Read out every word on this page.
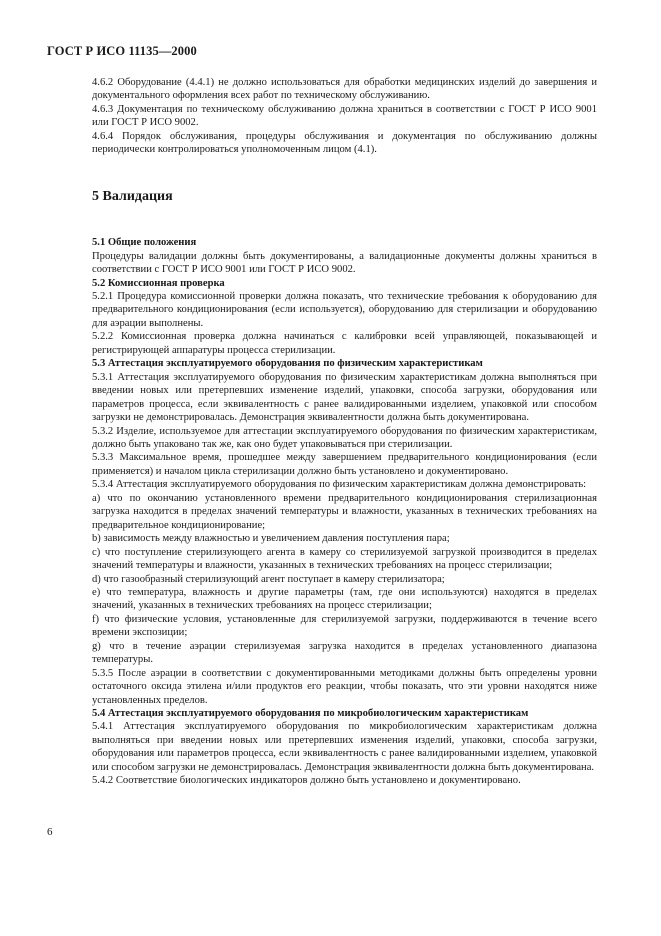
ГОСТ Р ИСО 11135—2000

4.6.2 Оборудование (4.4.1) не должно использоваться для обработки медицинских изделий до завершения и документального оформления всех работ по техническому обслуживанию.

4.6.3 Документация по техническому обслуживанию должна храниться в соответствии с ГОСТ Р ИСО 9001 или ГОСТ Р ИСО 9002.

4.6.4 Порядок обслуживания, процедуры обслуживания и документация по обслуживанию должны периодически контролироваться уполномоченным лицом (4.1).

5 Валидация

5.1 Общие положения

Процедуры валидации должны быть документированы, а валидационные документы должны храниться в соответствии с ГОСТ Р ИСО 9001 или ГОСТ Р ИСО 9002.

5.2 Комиссионная проверка

5.2.1 Процедура комиссионной проверки должна показать, что технические требования к оборудованию для предварительного кондиционирования (если используется), оборудованию для стерилизации и оборудованию для аэрации выполнены.

5.2.2 Комиссионная проверка должна начинаться с калибровки всей управляющей, показывающей и регистрирующей аппаратуры процесса стерилизации.

5.3 Аттестация эксплуатируемого оборудования по физическим характеристикам

5.3.1 Аттестация эксплуатируемого оборудования по физическим характеристикам должна выполняться при введении новых или претерпевших изменение изделий, упаковки, способа загрузки, оборудования или параметров процесса, если эквивалентность с ранее валидированными изделием, упаковкой или способом загрузки не демонстрировалась. Демонстрация эквивалентности должна быть документирована.

5.3.2 Изделие, используемое для аттестации эксплуатируемого оборудования по физическим характеристикам, должно быть упаковано так же, как оно будет упаковываться при стерилизации.

5.3.3 Максимальное время, прошедшее между завершением предварительного кондиционирования (если применяется) и началом цикла стерилизации должно быть установлено и документировано.

5.3.4 Аттестация эксплуатируемого оборудования по физическим характеристикам должна демонстрировать:

а) что по окончанию установленного времени предварительного кондиционирования стерилизационная загрузка находится в пределах значений температуры и влажности, указанных в технических требованиях на предварительное кондиционирование;

b) зависимость между влажностью и увеличением давления поступления пара;

с) что поступление стерилизующего агента в камеру со стерилизуемой загрузкой производится в пределах значений температуры и влажности, указанных в технических требованиях на процесс стерилизации;

d) что газообразный стерилизующий агент поступает в камеру стерилизатора;

е) что температура, влажность и другие параметры (там, где они используются) находятся в пределах значений, указанных в технических требованиях на процесс стерилизации;

f) что физические условия, установленные для стерилизуемой загрузки, поддерживаются в течение всего времени экспозиции;

g) что в течение аэрации стерилизуемая загрузка находится в пределах установленного диапазона температуры.

5.3.5 После аэрации в соответствии с документированными методиками должны быть определены уровни остаточного оксида этилена и/или продуктов его реакции, чтобы показать, что эти уровни находятся ниже установленных пределов.

5.4 Аттестация эксплуатируемого оборудования по микробиологическим характеристикам

5.4.1 Аттестация эксплуатируемого оборудования по микробиологическим характеристикам должна выполняться при введении новых или претерпевших изменения изделий, упаковки, способа загрузки, оборудования или параметров процесса, если эквивалентность с ранее валидированными изделием, упаковкой или способом загрузки не демонстрировалась. Демонстрация эквивалентности должна быть документирована.

5.4.2 Соответствие биологических индикаторов должно быть установлено и документировано.

6
